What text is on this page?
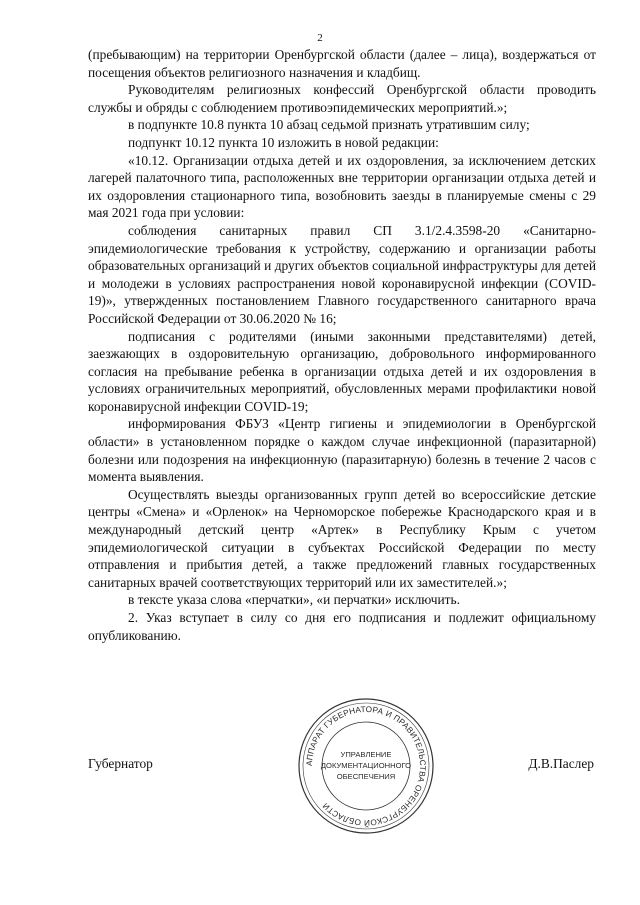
2

(пребывающим) на территории Оренбургской области (далее – лица), воздержаться от посещения объектов религиозного назначения и кладбищ.

Руководителям религиозных конфессий Оренбургской области проводить службы и обряды с соблюдением противоэпидемических мероприятий.»;

в подпункте 10.8 пункта 10 абзац седьмой признать утратившим силу;

подпункт 10.12 пункта 10 изложить в новой редакции:

«10.12. Организации отдыха детей и их оздоровления, за исключением детских лагерей палаточного типа, расположенных вне территории организации отдыха детей и их оздоровления стационарного типа, возобновить заезды в планируемые смены с 29 мая 2021 года при условии:

соблюдения санитарных правил СП 3.1/2.4.3598-20 «Санитарно-эпидемиологические требования к устройству, содержанию и организации работы образовательных организаций и других объектов социальной инфраструктуры для детей и молодежи в условиях распространения новой коронавирусной инфекции (COVID-19)», утвержденных постановлением Главного государственного санитарного врача Российской Федерации от 30.06.2020 № 16;

подписания с родителями (иными законными представителями) детей, заезжающих в оздоровительную организацию, добровольного информированного согласия на пребывание ребенка в организации отдыха детей и их оздоровления в условиях ограничительных мероприятий, обусловленных мерами профилактики новой коронавирусной инфекции COVID-19;

информирования ФБУЗ «Центр гигиены и эпидемиологии в Оренбургской области» в установленном порядке о каждом случае инфекционной (паразитарной) болезни или подозрения на инфекционную (паразитарную) болезнь в течение 2 часов с момента выявления.

Осуществлять выезды организованных групп детей во всероссийские детские центры «Смена» и «Орленок» на Черноморское побережье Краснодарского края и в международный детский центр «Артек» в Республику Крым с учетом эпидемиологической ситуации в субъектах Российской Федерации по месту отправления и прибытия детей, а также предложений главных государственных санитарных врачей соответствующих территорий или их заместителей.»;

в тексте указа слова «перчатки», «и перчатки» исключить.

2. Указ вступает в силу со дня его подписания и подлежит официальному опубликованию.

АППАРАТ ГУБЕРНАТОРА И ПРАВИТЕЛЬСТВА ОРЕНБУРГСКОЙ ОБЛАСТИ
УПРАВЛЕНИЕ
ДОКУМЕНТАЦИОННОГО
ОБЕСПЕЧЕНИЯ
Губернатор	Д.В.Паслер
